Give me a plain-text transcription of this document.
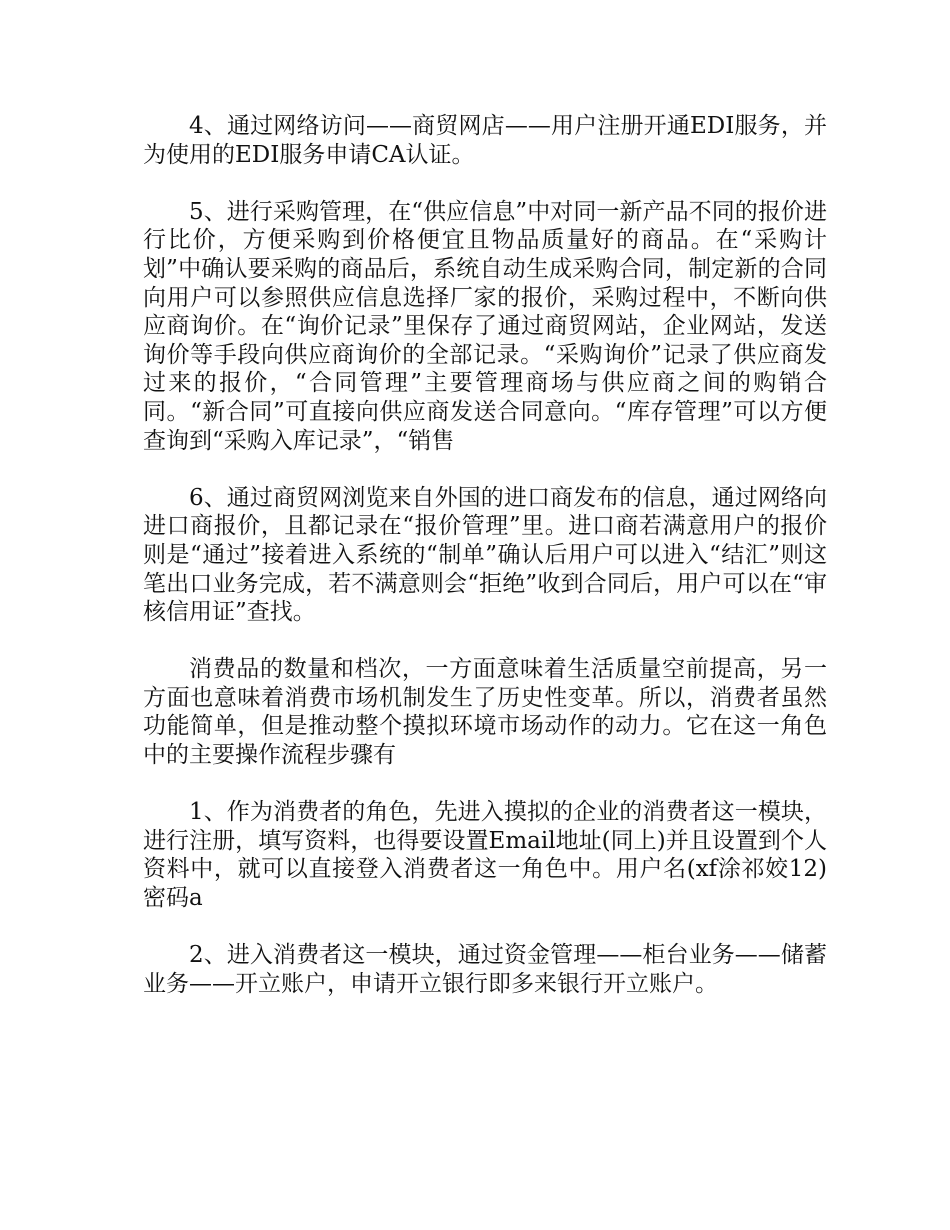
4、通过网络访问——商贸网店——用户注册开通EDI服务，并为使用的EDI服务申请CA认证。

5、进行采购管理，在“供应信息”中对同一新产品不同的报价进行比价，方便采购到价格便宜且物品质量好的商品。在“采购计划”中确认要采购的商品后，系统自动生成采购合同，制定新的合同向用户可以参照供应信息选择厂家的报价，采购过程中，不断向供应商询价。在“询价记录”里保存了通过商贸网站，企业网站，发送询价等手段向供应商询价的全部记录。“采购询价”记录了供应商发过来的报价，“合同管理”主要管理商场与供应商之间的购销合同。“新合同”可直接向供应商发送合同意向。“库存管理”可以方便查询到“采购入库记录”，“销售

6、通过商贸网浏览来自外国的进口商发布的信息，通过网络向进口商报价，且都记录在“报价管理”里。进口商若满意用户的报价则是“通过”接着进入系统的“制单”确认后用户可以进入“结汇”则这笔出口业务完成，若不满意则会“拒绝”收到合同后，用户可以在“审核信用证”查找。

消费品的数量和档次，一方面意味着生活质量空前提高，另一方面也意味着消费市场机制发生了历史性变革。所以，消费者虽然功能简单，但是推动整个摸拟环境市场动作的动力。它在这一角色中的主要操作流程步骤有

1、作为消费者的角色，先进入摸拟的企业的消费者这一模块，进行注册，填写资料，也得要设置Email地址(同上)并且设置到个人资料中，就可以直接登入消费者这一角色中。用户名(xf涂祁姣12)密码a

2、进入消费者这一模块，通过资金管理——柜台业务——储蓄业务——开立账户，申请开立银行即多来银行开立账户。
